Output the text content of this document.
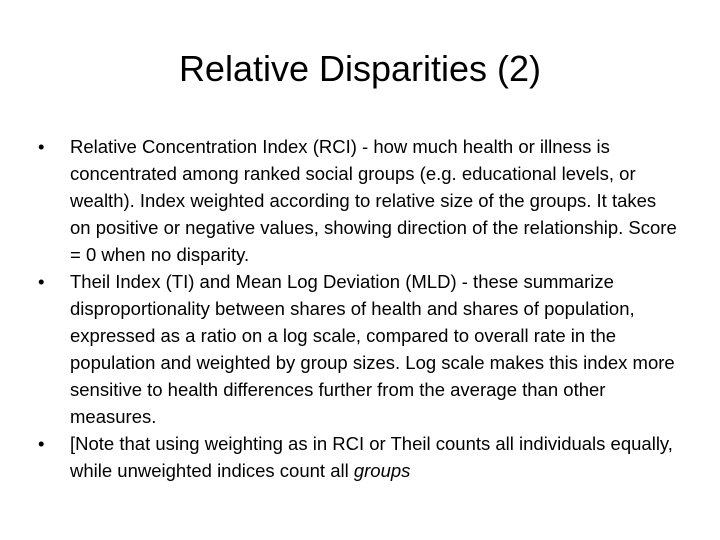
Relative Disparities (2)
• Relative Concentration Index (RCI) - how much health or illness is concentrated among ranked social groups (e.g. educational levels, or wealth). Index weighted according to relative size of the groups. It takes on positive or negative values, showing direction of the relationship. Score = 0 when no disparity.
• Theil Index (TI) and Mean Log Deviation (MLD) - these summarize disproportionality between shares of health and shares of population, expressed as a ratio on a log scale, compared to overall rate in the population and weighted by group sizes. Log scale makes this index more sensitive to health differences further from the average than other measures.
• [Note that using weighting as in RCI or Theil counts all individuals equally, while unweighted indices count all groups
